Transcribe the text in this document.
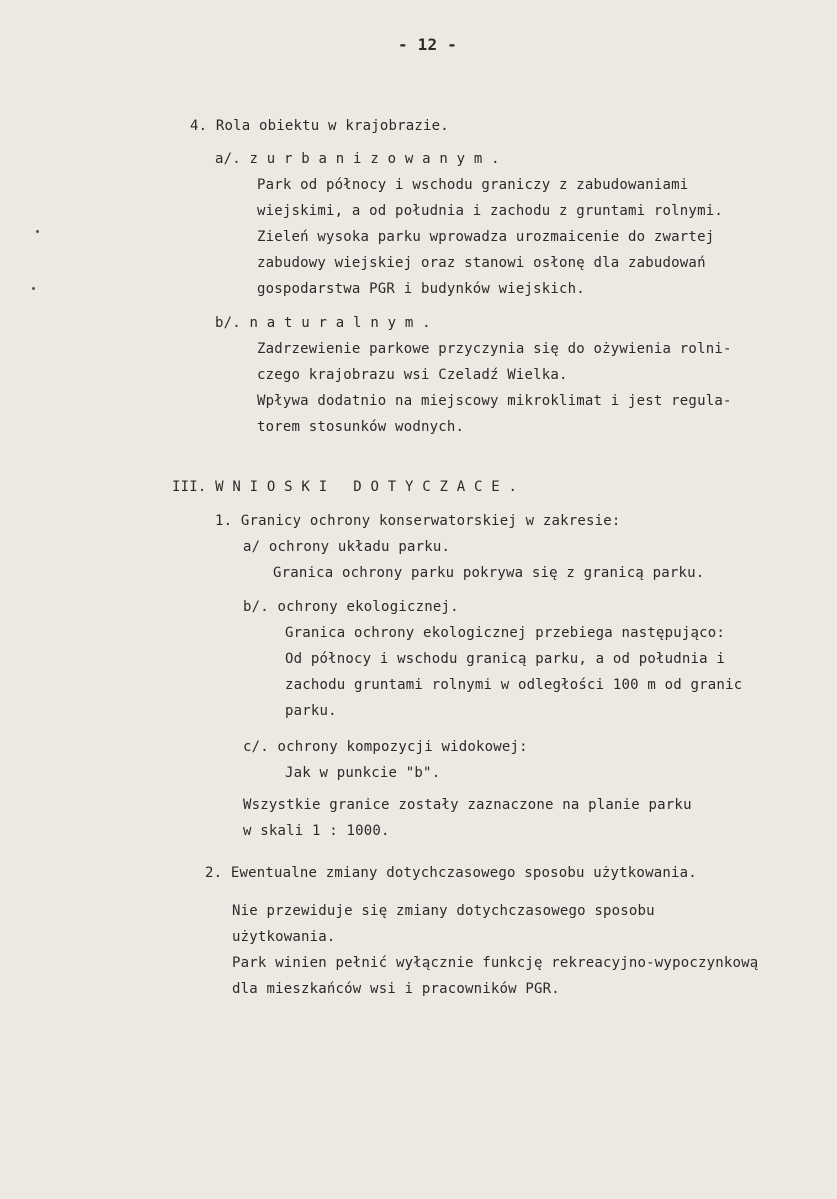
- 12 -
4. Rola obiektu w krajobrazie.
a/. z u r b a n i z o w a n y m .
Park od północy i wschodu graniczy z zabudowaniami
wiejskimi, a od południa i zachodu z gruntami rolnymi.
Zieleń wysoka parku wprowadza urozmaicenie do zwartej
zabudowy wiejskiej oraz stanowi osłonę dla zabudowań
gospodarstwa PGR i budynków wiejskich.
b/. n a t u r a l n y m .
Zadrzewienie parkowe przyczynia się do ożywienia rolni-
czego krajobrazu wsi Czeladź Wielka.
Wpływa dodatnio na miejscowy mikroklimat i jest regula-
torem stosunków wodnych.
III. W N I O S K I   D O T Y C Z A C E .
1. Granicy ochrony konserwatorskiej w zakresie:
a/ ochrony układu parku.
Granica ochrony parku pokrywa się z granicą parku.
b/. ochrony ekologicznej.
Granica ochrony ekologicznej przebiega następująco:
Od północy i wschodu granicą parku, a od południa i
zachodu gruntami rolnymi w odległości 100 m od granic
parku.
c/. ochrony kompozycji widokowej:
Jak w punkcie "b".
Wszystkie granice zostały zaznaczone na planie parku
w skali 1 : 1000.
2. Ewentualne zmiany dotychczasowego sposobu użytkowania.
Nie przewiduje się zmiany dotychczasowego sposobu
użytkowania.
Park winien pełnić wyłącznie funkcję rekreacyjno-wypoczynkową
dla mieszkańców wsi i pracowników PGR.
